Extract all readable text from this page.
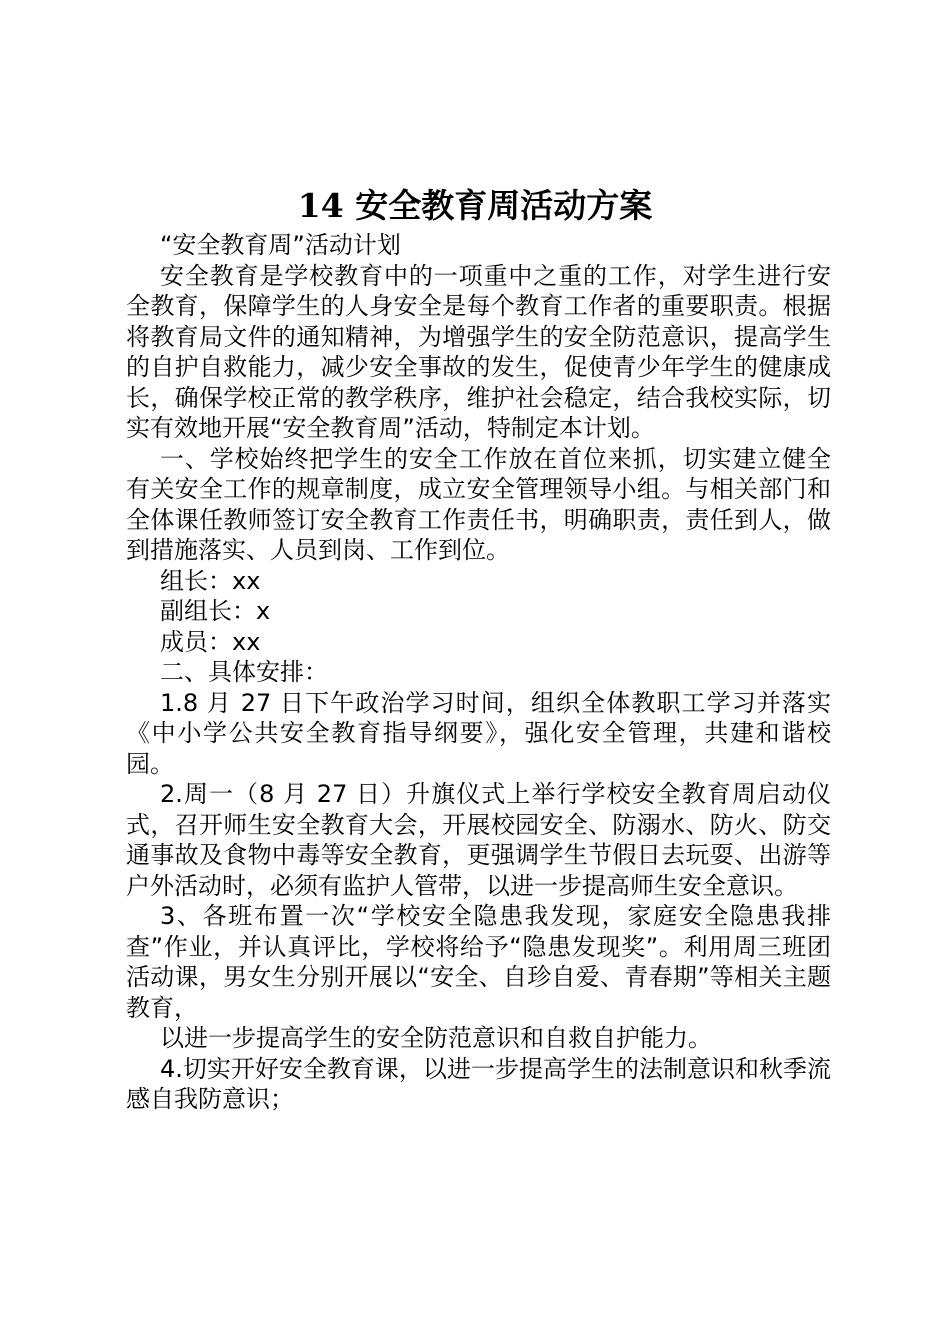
14 安全教育周活动方案

“安全教育周”活动计划

安全教育是学校教育中的一项重中之重的工作，对学生进行安全教育，保障学生的人身安全是每个教育工作者的重要职责。根据将教育局文件的通知精神，为增强学生的安全防范意识，提高学生的自护自救能力，减少安全事故的发生，促使青少年学生的健康成长，确保学校正常的教学秩序，维护社会稳定，结合我校实际，切实有效地开展“安全教育周”活动，特制定本计划。

一、学校始终把学生的安全工作放在首位来抓，切实建立健全有关安全工作的规章制度，成立安全管理领导小组。与相关部门和全体课任教师签订安全教育工作责任书，明确职责，责任到人，做到措施落实、人员到岗、工作到位。

组长：xx

副组长：x

成员：xx

二、具体安排：

1.8 月 27 日下午政治学习时间，组织全体教职工学习并落实《中小学公共安全教育指导纲要》，强化安全管理，共建和谐校园。

2.周一（8 月 27 日）升旗仪式上举行学校安全教育周启动仪式，召开师生安全教育大会，开展校园安全、防溺水、防火、防交通事故及食物中毒等安全教育，更强调学生节假日去玩耍、出游等户外活动时，必须有监护人管带，以进一步提高师生安全意识。

3、各班布置一次“学校安全隐患我发现，家庭安全隐患我排查”作业，并认真评比，学校将给予“隐患发现奖”。利用周三班团活动课，男女生分别开展以“安全、自珍自爱、青春期”等相关主题教育，

以进一步提高学生的安全防范意识和自救自护能力。

4.切实开好安全教育课，以进一步提高学生的法制意识和秋季流感自我防意识；
